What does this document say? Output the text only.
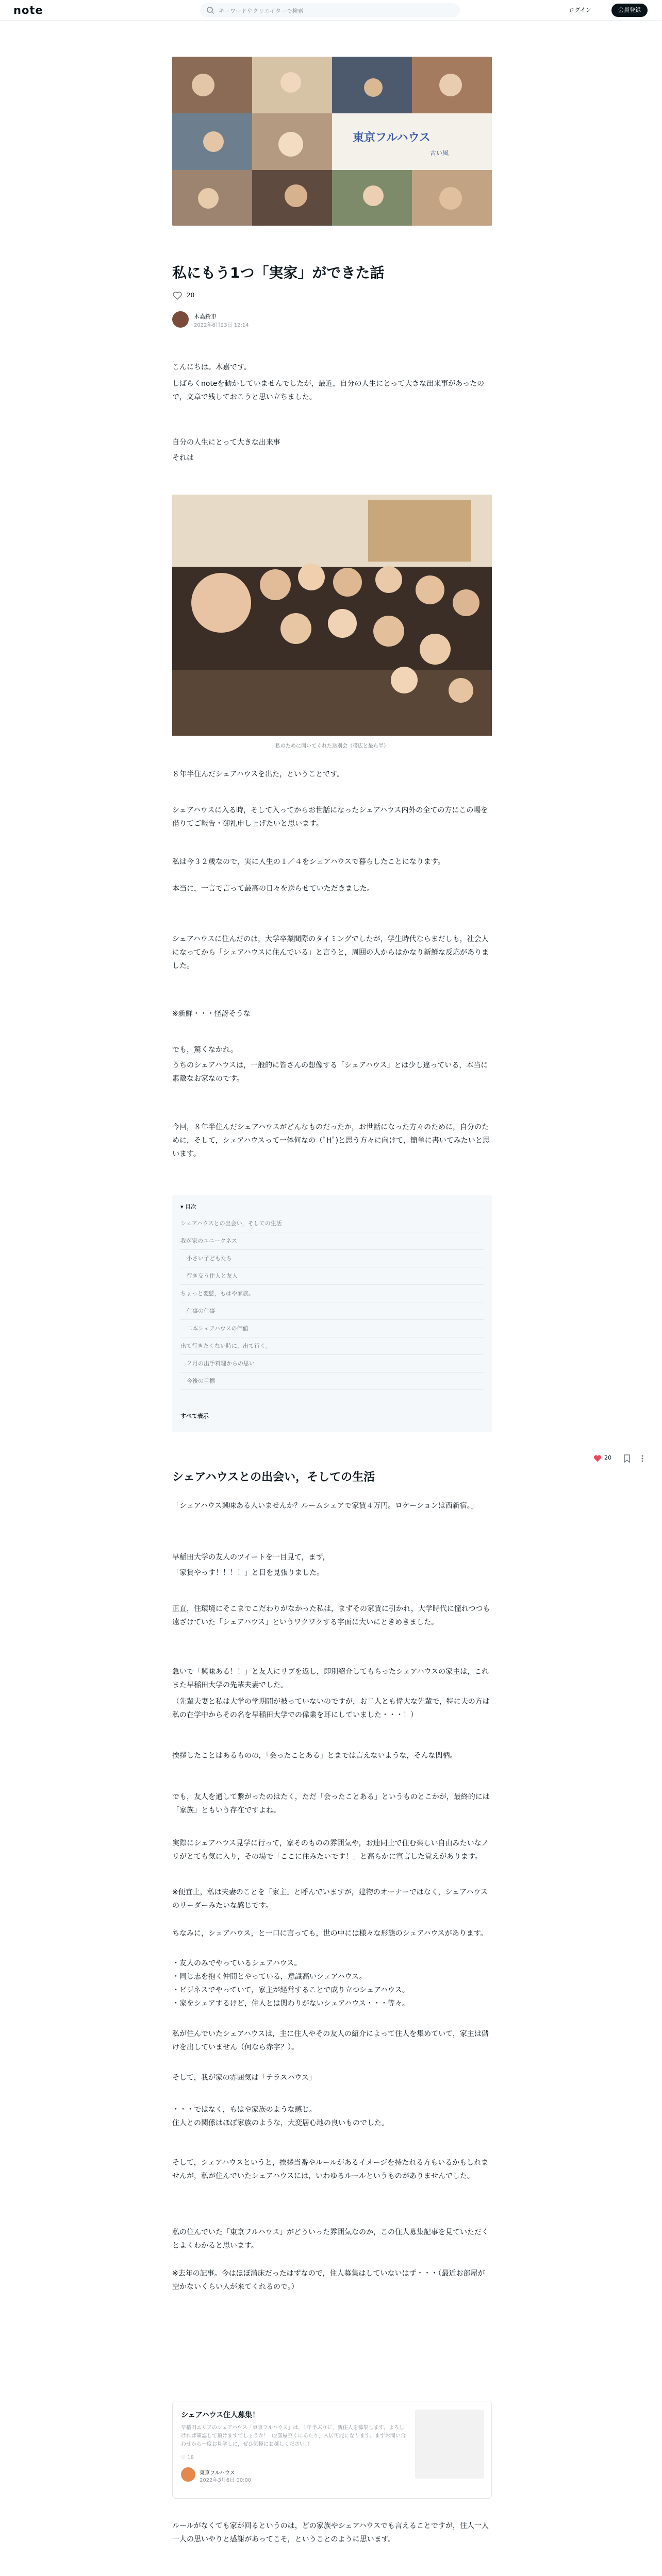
note	キーワードやクリエイターで検索	ログイン	会員登録
東京フルハウス
古い風
私にもう1つ「実家」ができた話
20
木嘉鈴車
2022年6月23日 12:14

こんにちは。木嘉です。

しばらくnoteを動かしていませんでしたが，最近，自分の人生にとって大きな出来事があったので，文章で残しておこうと思い立ちました。

自分の人生にとって大きな出来事

それは

私のために開いてくれた送別会（帯広と最ら半）

８年半住んだシェアハウスを出た，ということです。

シェアハウスに入る時，そして入ってからお世話になったシェアハウス内外の全ての方にこの場を借りてご報告・御礼申し上げたいと思います。

私は今３２歳なので，実に人生の１／４をシェアハウスで暮らしたことになります。

本当に，一言で言って最高の日々を送らせていただきました。

シェアハウスに住んだのは，大学卒業間際のタイミングでしたが，学生時代ならまだしも，社会人になってから「シェアハウスに住んでいる」と言うと，周囲の人からはかなり新鮮な反応がありました。

※新鮮・・・怪訝そうな

でも，驚くなかれ。

うちのシェアハウスは，一般的に皆さんの想像する「シェアハウス」とは少し違っている，本当に素敵なお家なのです。

今回，８年半住んだシェアハウスがどんなものだったか，お世話になった方々のために，自分のために，そして，シェアハウスって一体何なの（ﾟHﾟ)と思う方々に向けて，簡単に書いてみたいと思います。

▾ 目次
シェアハウスとの出会い，そしての生活
我が家のユニークネス
小さい子どもたち
行き交う住人と友人
ちょっと変態，もはや家族。
仕事の仕事
二本シェアハウスの価値
出て行きたくない時に，出て行く。
２月の出手料理からの思い
今後の目標
すべて表示
シェアハウスとの出会い，そしての生活

「シェアハウス興味ある人いませんか？ルームシェアで家賃４万円。ロケーションは西新宿。」

早稲田大学の友人のツイートを一目見て，まず，

「家賃やっす！！！！」と目を見張りました。

正直，住環境にそこまでこだわりがなかった私は，まずその家賃に引かれ，大学時代に憧れつつも遠ざけていた「シェアハウス」というワクワクする字面に大いにときめきました。

急いで「興味ある！！」と友人にリプを返し，即別紹介してもらったシェアハウスの家主は，これまた早稲田大学の先輩夫妻でした。

（先輩夫妻と私は大学の学期間が被っていないのですが，お二人とも偉大な先輩で，特に夫の方は私の在学中からその名を早稲田大学での偉業を耳にしていました・・・！）

挨拶したことはあるものの，「会ったことある」とまでは言えないような，そんな関柄。

でも，友人を通して繋がったのはたく，ただ「会ったことある」というものとこかが，最終的には「家族」ともいう存在ですよね。

実際にシェアハウス見学に行って，家そのものの雰囲気や，お連同士で住む楽しい自由みたいなノリがとても気に入り，その場で「ここに住みたいです！」と高らかに宣言した覚えがあります。

※便宜上，私は夫妻のことを「家主」と呼んでいますが，建物のオーナーではなく，シェアハウスのリーダーみたいな感じです。

ちなみに，シェアハウス，と一口に言っても，世の中には様々な形態のシェアハウスがあります。

・友人のみでやっているシェアハウス。

・同じ志を抱く仲間とやっている，意識高いシェアハウス。

・ビジネスでやっていて，家主が経営することで成り立つシェアハウス。

・家をシェアするけど，住人とは関わりがないシェアハウス・・・等々。

私が住んでいたシェアハウスは，主に住人やその友人の紹介によって住人を集めていて，家主は儲けを出していません（何なら赤字？）。

そして，我が家の雰囲気は「テラスハウス」

・・・ではなく，もはや家族のような感じ。

住人との関係はほぼ家族のような，大変居心地の良いものでした。

そして，シェアハウスというと，挨拶当番やルールがあるイメージを持たれる方もいるかもしれませんが，私が住んでいたシェアハウスには，いわゆるルールというものがありませんでした。

私の住んでいた「東京フルハウス」がどういった雰囲気なのか，この住人募集記事を見ていただくとよくわかると思います。

※去年の記事。今はほぼ満床だったはずなので，住人募集はしていないはず・・・（最近お部屋が空かないくらい人が来てくれるので。）

シェアハウス住人募集！
早稲田エリアのシェアハウス「東京フルハウス」は，1年半ぶりに，新住人を募集します。よろしければ確認して頂けますでしょうか！（2部屋空くにあたり，入居可能になります。まずお問い合わせから一度お見学しに，ぜひ気軽にお越しください。）
♡ 18
東京フルハウス
2022年3月6日 00:00

ルールがなくても家が回るというのは，どの家族やシェアハウスでも言えることですが，住人一人一人の思いやりと感謝があってこそ，ということのように思います。

20
